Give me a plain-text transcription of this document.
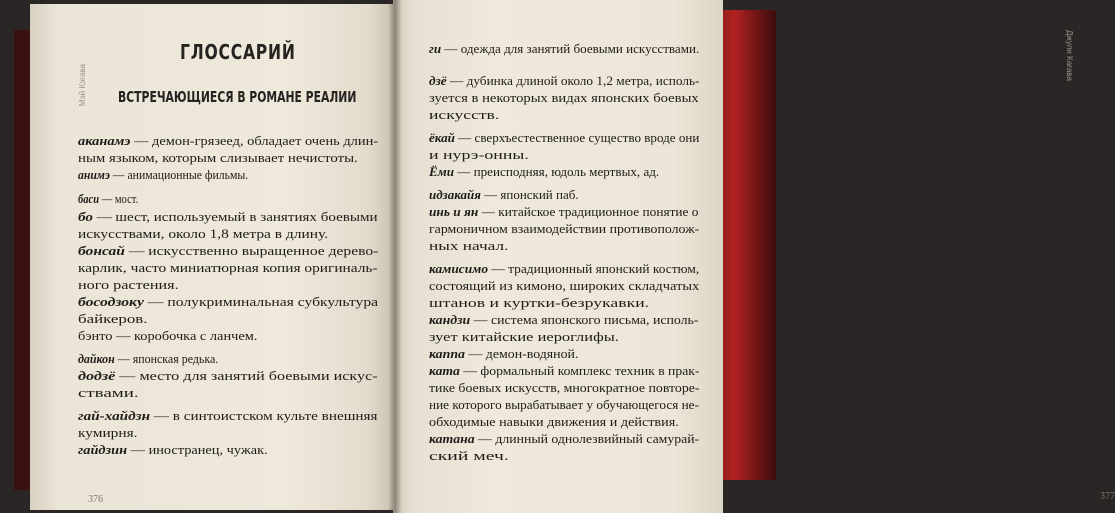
Мэй Кэгава
ГЛОССАРИЙ
ВСТРЕЧАЮЩИЕСЯ В РОМАНЕ РЕАЛИИ
аканамэ — демон-грязеед, обладает очень длин-
ным языком, которым слизывает нечистоты.
анимэ — анимационные фильмы.
баси — мост.
бо — шест, используемый в занятиях боевыми
искусствами, около 1,8 метра в длину.
бонсай — искусственно выращенное дерево-
карлик, часто миниатюрная копия оригиналь-
ного растения.
босодзоку — полукриминальная субкультура
байкеров.
бэнто — коробочка с ланчем.
дайкон — японская редька.
додзё — место для занятий боевыми искус-
ствами.
гай-хайдзн — в синтоистском культе внешняя
кумирня.
гайдзин — иностранец, чужак.
376
Джули Кагава
ги — одежда для занятий боевыми искусствами.
дзё — дубинка длиной около 1,2 метра, исполь-
зуется в некоторых видах японских боевых
искусств.
ёкай — сверхъестественное существо вроде они
и нурэ-онны.
Ёми — преисподняя, юдоль мертвых, ад.
идзакайя — японский паб.
инь и ян — китайское традиционное понятие о
гармоничном взаимодействии противополож-
ных начал.
камисимо — традиционный японский костюм,
состоящий из кимоно, широких складчатых
штанов и куртки-безрукавки.
кандзи — система японского письма, исполь-
зует китайские иероглифы.
каппа — демон-водяной.
ката — формальный комплекс техник в прак-
тике боевых искусств, многократное повторе-
ние которого вырабатывает у обучающегося не-
обходимые навыки движения и действия.
катана — длинный однолезвийный самурай-
ский меч.
377
